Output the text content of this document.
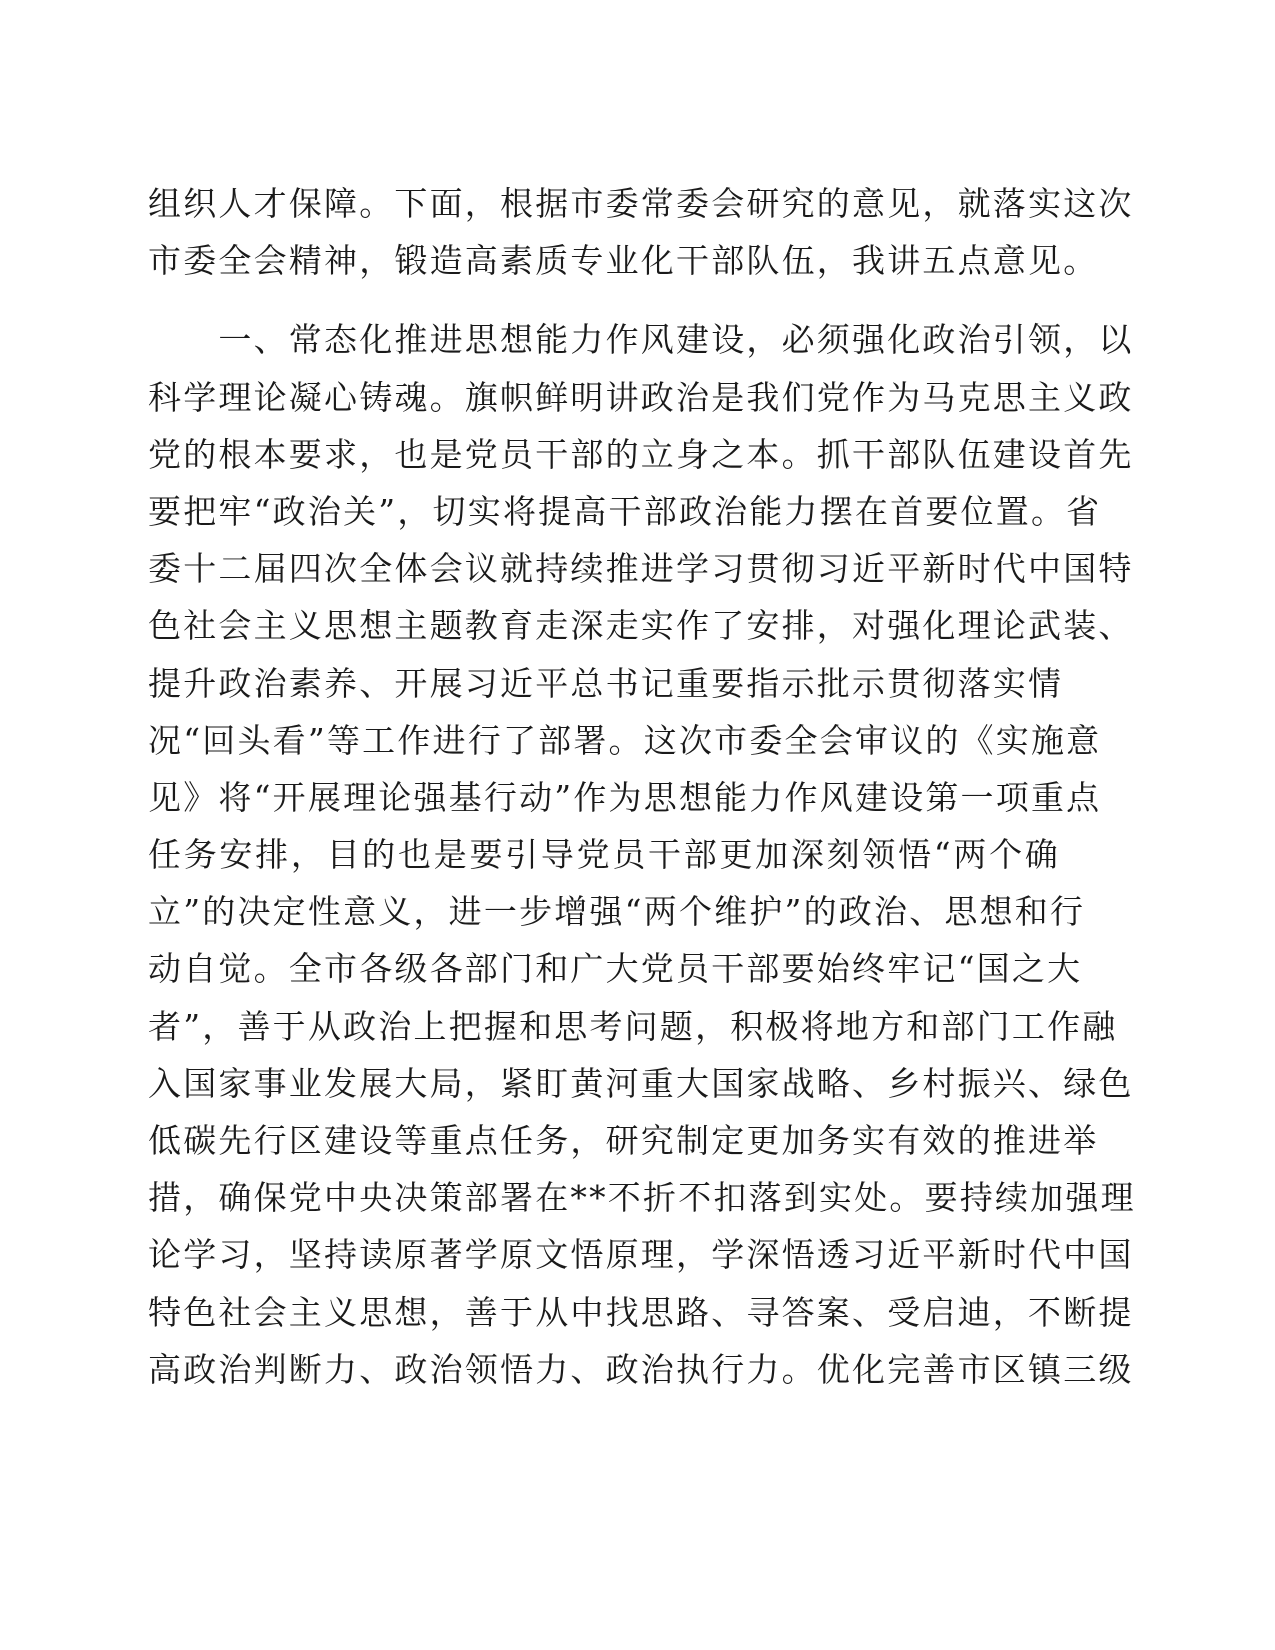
组织人才保障。下面，根据市委常委会研究的意见，就落实这次
市委全会精神，锻造高素质专业化干部队伍，我讲五点意见。
　　一、常态化推进思想能力作风建设，必须强化政治引领，以
科学理论凝心铸魂。旗帜鲜明讲政治是我们党作为马克思主义政
党的根本要求，也是党员干部的立身之本。抓干部队伍建设首先
要把牢“政治关”，切实将提高干部政治能力摆在首要位置。省
委十二届四次全体会议就持续推进学习贯彻习近平新时代中国特
色社会主义思想主题教育走深走实作了安排，对强化理论武装、
提升政治素养、开展习近平总书记重要指示批示贯彻落实情
况“回头看”等工作进行了部署。这次市委全会审议的《实施意
见》将“开展理论强基行动”作为思想能力作风建设第一项重点
任务安排，目的也是要引导党员干部更加深刻领悟“两个确
立”的决定性意义，进一步增强“两个维护”的政治、思想和行
动自觉。全市各级各部门和广大党员干部要始终牢记“国之大
者”，善于从政治上把握和思考问题，积极将地方和部门工作融
入国家事业发展大局，紧盯黄河重大国家战略、乡村振兴、绿色
低碳先行区建设等重点任务，研究制定更加务实有效的推进举
措，确保党中央决策部署在**不折不扣落到实处。要持续加强理
论学习，坚持读原著学原文悟原理，学深悟透习近平新时代中国
特色社会主义思想，善于从中找思路、寻答案、受启迪，不断提
高政治判断力、政治领悟力、政治执行力。优化完善市区镇三级
